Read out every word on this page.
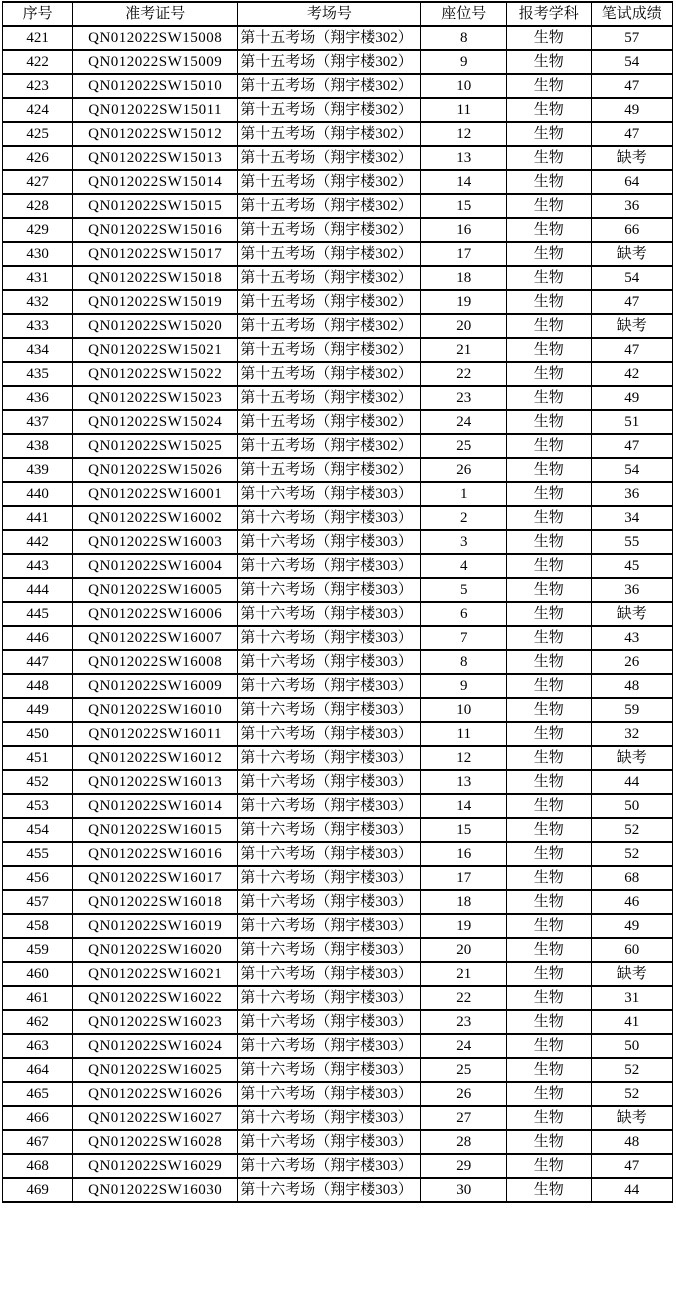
序号	准考证号	考场号	座位号	报考学科	笔试成绩
421	QN012022SW15008	第十五考场（翔宇楼302）	8	生物	57
422	QN012022SW15009	第十五考场（翔宇楼302）	9	生物	54
423	QN012022SW15010	第十五考场（翔宇楼302）	10	生物	47
424	QN012022SW15011	第十五考场（翔宇楼302）	11	生物	49
425	QN012022SW15012	第十五考场（翔宇楼302）	12	生物	47
426	QN012022SW15013	第十五考场（翔宇楼302）	13	生物	缺考
427	QN012022SW15014	第十五考场（翔宇楼302）	14	生物	64
428	QN012022SW15015	第十五考场（翔宇楼302）	15	生物	36
429	QN012022SW15016	第十五考场（翔宇楼302）	16	生物	66
430	QN012022SW15017	第十五考场（翔宇楼302）	17	生物	缺考
431	QN012022SW15018	第十五考场（翔宇楼302）	18	生物	54
432	QN012022SW15019	第十五考场（翔宇楼302）	19	生物	47
433	QN012022SW15020	第十五考场（翔宇楼302）	20	生物	缺考
434	QN012022SW15021	第十五考场（翔宇楼302）	21	生物	47
435	QN012022SW15022	第十五考场（翔宇楼302）	22	生物	42
436	QN012022SW15023	第十五考场（翔宇楼302）	23	生物	49
437	QN012022SW15024	第十五考场（翔宇楼302）	24	生物	51
438	QN012022SW15025	第十五考场（翔宇楼302）	25	生物	47
439	QN012022SW15026	第十五考场（翔宇楼302）	26	生物	54
440	QN012022SW16001	第十六考场（翔宇楼303）	1	生物	36
441	QN012022SW16002	第十六考场（翔宇楼303）	2	生物	34
442	QN012022SW16003	第十六考场（翔宇楼303）	3	生物	55
443	QN012022SW16004	第十六考场（翔宇楼303）	4	生物	45
444	QN012022SW16005	第十六考场（翔宇楼303）	5	生物	36
445	QN012022SW16006	第十六考场（翔宇楼303）	6	生物	缺考
446	QN012022SW16007	第十六考场（翔宇楼303）	7	生物	43
447	QN012022SW16008	第十六考场（翔宇楼303）	8	生物	26
448	QN012022SW16009	第十六考场（翔宇楼303）	9	生物	48
449	QN012022SW16010	第十六考场（翔宇楼303）	10	生物	59
450	QN012022SW16011	第十六考场（翔宇楼303）	11	生物	32
451	QN012022SW16012	第十六考场（翔宇楼303）	12	生物	缺考
452	QN012022SW16013	第十六考场（翔宇楼303）	13	生物	44
453	QN012022SW16014	第十六考场（翔宇楼303）	14	生物	50
454	QN012022SW16015	第十六考场（翔宇楼303）	15	生物	52
455	QN012022SW16016	第十六考场（翔宇楼303）	16	生物	52
456	QN012022SW16017	第十六考场（翔宇楼303）	17	生物	68
457	QN012022SW16018	第十六考场（翔宇楼303）	18	生物	46
458	QN012022SW16019	第十六考场（翔宇楼303）	19	生物	49
459	QN012022SW16020	第十六考场（翔宇楼303）	20	生物	60
460	QN012022SW16021	第十六考场（翔宇楼303）	21	生物	缺考
461	QN012022SW16022	第十六考场（翔宇楼303）	22	生物	31
462	QN012022SW16023	第十六考场（翔宇楼303）	23	生物	41
463	QN012022SW16024	第十六考场（翔宇楼303）	24	生物	50
464	QN012022SW16025	第十六考场（翔宇楼303）	25	生物	52
465	QN012022SW16026	第十六考场（翔宇楼303）	26	生物	52
466	QN012022SW16027	第十六考场（翔宇楼303）	27	生物	缺考
467	QN012022SW16028	第十六考场（翔宇楼303）	28	生物	48
468	QN012022SW16029	第十六考场（翔宇楼303）	29	生物	47
469	QN012022SW16030	第十六考场（翔宇楼303）	30	生物	44
